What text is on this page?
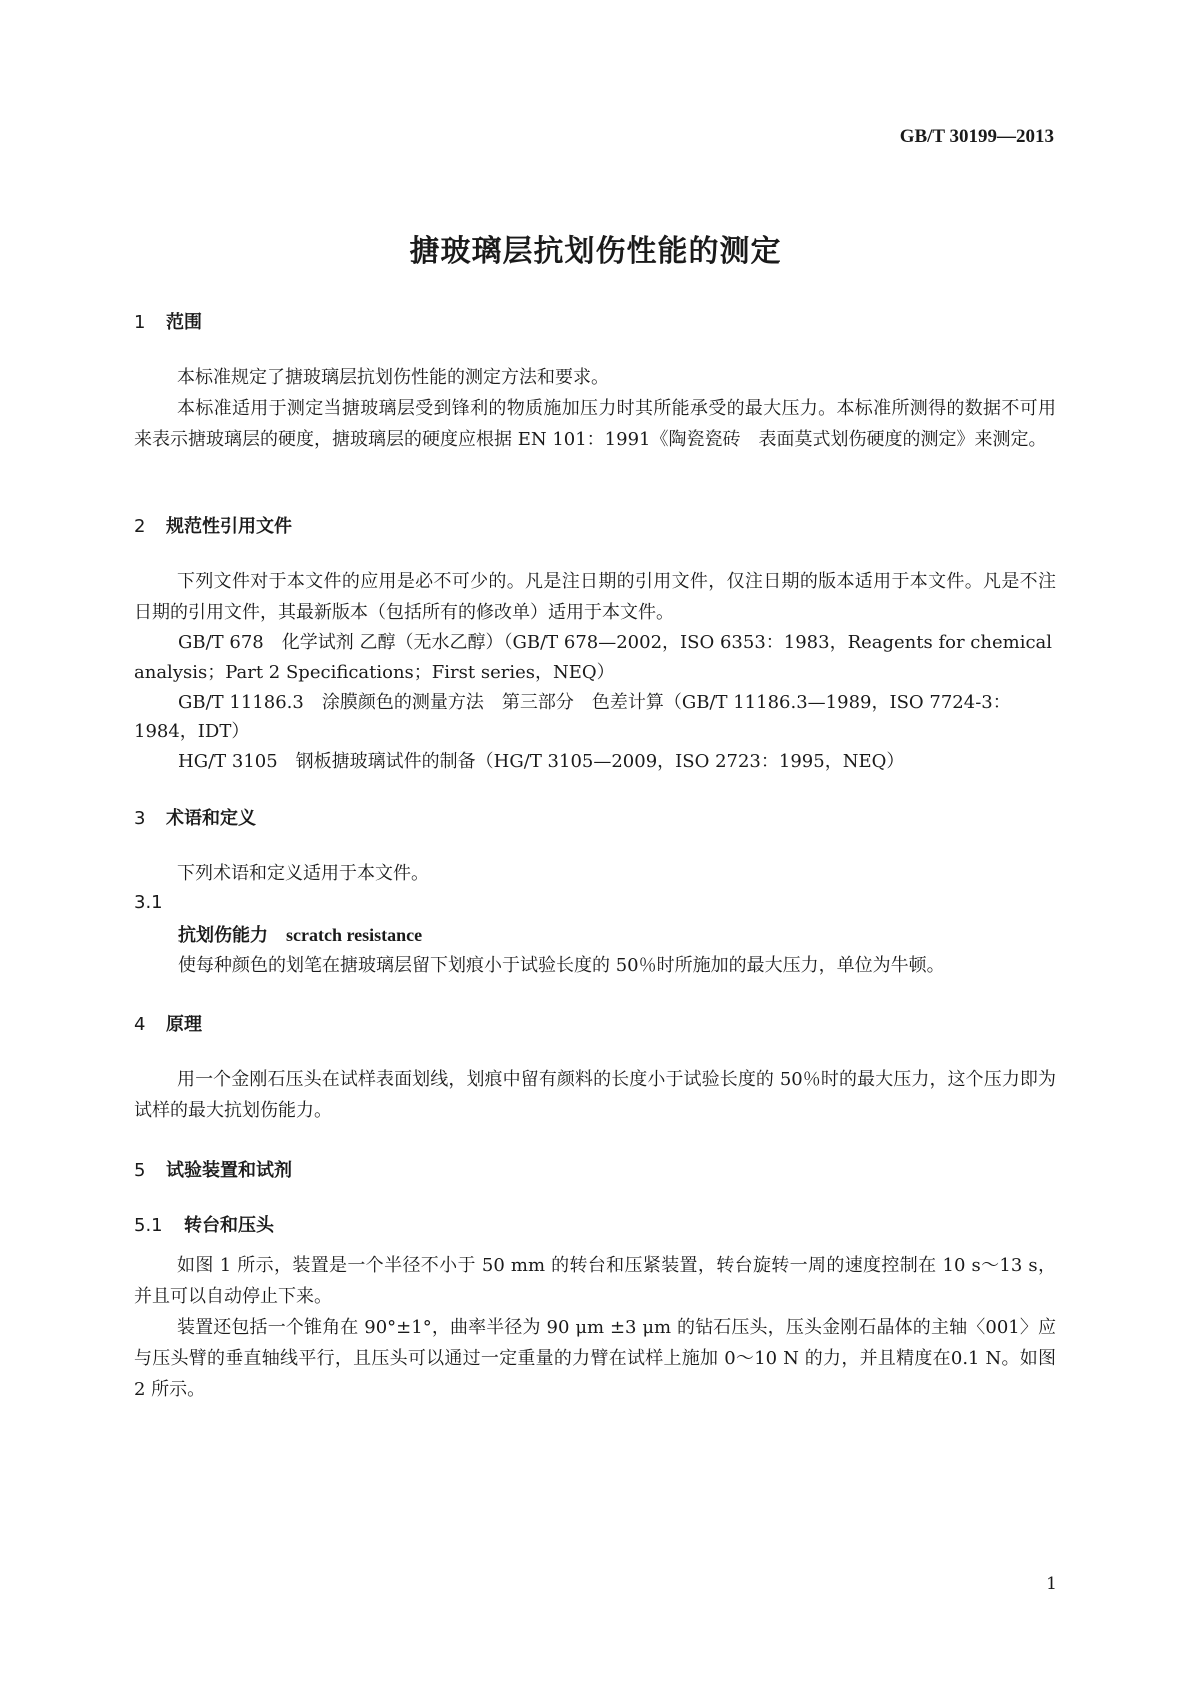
GB/T 30199—2013
搪玻璃层抗划伤性能的测定
1 范围
本标准规定了搪玻璃层抗划伤性能的测定方法和要求。
本标准适用于测定当搪玻璃层受到锋利的物质施加压力时其所能承受的最大压力。本标准所测得的数据不可用来表示搪玻璃层的硬度，搪玻璃层的硬度应根据 EN 101：1991《陶瓷瓷砖　表面莫式划伤硬度的测定》来测定。
2 规范性引用文件
下列文件对于本文件的应用是必不可少的。凡是注日期的引用文件，仅注日期的版本适用于本文件。凡是不注日期的引用文件，其最新版本（包括所有的修改单）适用于本文件。
GB/T 678　化学试剂 乙醇（无水乙醇）（GB/T 678—2002，ISO 6353：1983，Reagents for chemical
analysis；Part 2 Specifications；First series，NEQ）
GB/T 11186.3　涂膜颜色的测量方法　第三部分　色差计算（GB/T 11186.3—1989，ISO 7724-3：
1984，IDT）
HG/T 3105　钢板搪玻璃试件的制备（HG/T 3105—2009，ISO 2723：1995，NEQ）
3 术语和定义
下列术语和定义适用于本文件。
3.1
抗划伤能力 scratch resistance
使每种颜色的划笔在搪玻璃层留下划痕小于试验长度的 50％时所施加的最大压力，单位为牛顿。
4 原理
用一个金刚石压头在试样表面划线，划痕中留有颜料的长度小于试验长度的 50％时的最大压力，这个压力即为试样的最大抗划伤能力。
5 试验装置和试剂
5.1 转台和压头
如图 1 所示，装置是一个半径不小于 50 mm 的转台和压紧装置，转台旋转一周的速度控制在 10 s～13 s，并且可以自动停止下来。
装置还包括一个锥角在 90°±1°，曲率半径为 90 μm ±3 μm 的钻石压头，压头金刚石晶体的主轴〈001〉应与压头臂的垂直轴线平行，且压头可以通过一定重量的力臂在试样上施加 0～10 N 的力，并且精度在0.1 N。如图 2 所示。
1
